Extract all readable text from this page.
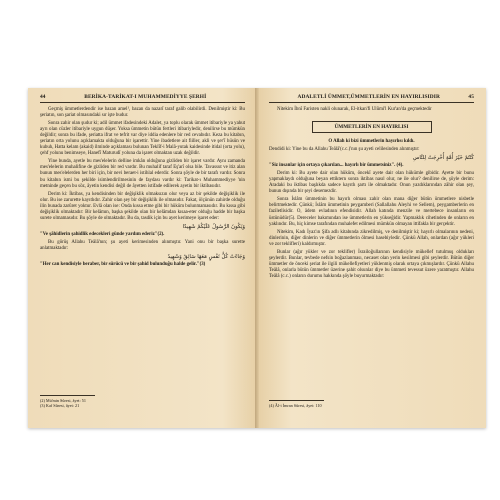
44	BERİKA-TARİKAT-I MUHAMMEDİYYE ŞERHİ

Geçmiş ümmetlerdendir ise bazan amel¹, bazan da nazarî taraf galib olabilirdi. Denilmiştir ki: Bu şeriatın, son şariat olmasındaki sır işte budur.

Sonra zahir olan şudur ki; adil ümmet ifadesindeki Adalet, ya toplu olarak ümmet itibariyle ya yahut ayrı olan cüzler itibariyle uygun düşer. Yoksa ümmetin bütün fertleri itibariyledir, denilirse bu mümkün değildir; sonra bu ifade, şeriatta ifrat ve tefrit var diye iddia edenlere bir red cevabıdır. Keza bu kitabın, şeriatın orta yolunu açıklamakta olduğuna bir işarettir. Yine ibadetlere ait fiiller, akli ve şer'î hüsün ve kubuh, Hatta kelam (akaid) ilminde açıklaması bulunan Teklîf-i Malâ-yutak kaidesinde itidal (orta yolu), çehf yolunu benimseye, Hanefî Maturudî yoluna da işaret olmaktan uzak değildir.

Yine bunda, ayetle bu mes'elelerin delline imkân olduğuna gizliden bir işaret vardır. Aynı zamanda mes'elelerin muhalifine de gizliden bir red vardır. Bu muhalif taraf Eş'arî olsa bile. Tavassut ve itiz alan bunun mes'elelerden her biri için, bir nevi beraet-i istihlal ederdir. Sonra şöyle de bir tarafı vardır. Sonra bu kitabın ismi bu şekilde isimlendirilmesinin de faydası vardır ki: Tarikat-ı Muhammediyye 'nin metninde geçen bu söz, âyetin kendisi değil de âyetten istifade edilerek ayetin bir iktibasıdır.

Derim ki: İktibas, ya kendisinden bir değişiklik olmaksızın olur veya az bir şekilde değişiklik ile olur. Bu ise zarurette kayıtlıdır. Zahir olan şey bir değişiklik ile olmasıdır. Fakat, ölçünün zahirde olduğu ilin bunada zarûret yoktur. Evlâ olan ise: Onda kıssa etme gibi bir hüküm bulunmamasıdır. Bu kıssa gibi değişiklik olmaktadır: Bir kelâmın, başka şekilde olan bir kelâmdan kısaa-eter olduğu hadde bir başka surete olmamasıdır. Bu şöyle de olmaktadır. Bu da, tasdik için bu ayet kerimeye işaret eder:

وَيَكُونَ الرَّسُولُ عَلَيْكُمْ شَهِيدًا

"Ve şâhidlerin şahidlik edecekleri günde yardım ederiz"(2).

Bu görüş Allahu Teâlâ'nın; şu ayeti kerimesinden alınmıştır. Yani onu bir başka surette anlatmaktadır:

وَجَاءَتْ كُلُّ نَفْسٍ مَعَهَا سَائِقٌ وَشَهِيدٌ

"Her can kendisiyle beraber, bir sürücü ve bir şahid bulunduğu halde gelir."(3)

(2) Mü'min Sûresi, âyet: 51

(3) Kaf Sûresi, âyet: 21

ADALETLİ ÜMMET,ÜMMETLERİN EN HAYIRLISIDIR	45

Nitekim İbnî Faristen nakli olunarak, El-itkan'fi Ulûmi'l Kur'an'da geçmektedir

ÜMMETLERİN EN HAYIRLISI

O Allah ki bizi ümmetlerin hayırlısı kıldı.

Dendidi ki: Yine bu da Allahu Teâlâ'(c.c.)'nın şu ayeti celilesinden alınmıştır:

كُنْتُمْ خَيْرَ أُمَّةٍ أُخْرِجَتْ لِلنَّاسِ

"Siz insanlar için ortaya çıkarılan... hayırlı bir ümmetsiniz". (4).

Derim ki: Bu ayete dair olan hüküm, öncekî ayete dair olan hükümle gibidir. Ayette bir bunu yapmaklaydı olduğuna beyan ettiktern sonra iktibas nasıl olur, ne ile olur? denilirse de, şöyle derim: Aradaki bu iktibas başlıkda sadece kayıtlı şartı ile olmaktadır. Onun yazdıklarından zâhir olan şey, bunun dışında bir şeyi desemezdir.

Sonra İslâm ümmetinin bu hayırlı olması zahir olan mana diğer bütün ümmetlere nisbetle belirtmektedir. Çünkü; İslâm ümmetinin peygamberi (Sallallahu Aleyhi ve Sellem), peygamberlerin en faziletlisidir. O, âdem evladının efendisidir. Allah katında menzile ve mertebece insanların en üstünüdür(5). Dereceler bakımından ise ümmetlerin en yükseğidir. Yapmaklık cihetinden de onların en yaklındır. Bu, hiç kimse tarafından muhalefet edilmesi mümkün olmayan ittifakla bir gerçektir.

Nitekim, Kadı İyaz'ın Şifa adlı kitabında zikredilmiş, ve denilmiştir ki; hayırlı olmalarının nedeni, dinlerinin, diğer dinlerin ve diğer ümmetlerin ölmesi hasebiyledir. Çünkü Allah, onlardan (ağır yükleri ve zor teklifleri) kaldırmıştır.

Bunlar (ağır yükler ve zor teklifler) İsrailoğullarının kendisiyle mükellef tutulmuş oldukları şeylerdir. Bunlar, tevbede nefsin boğazlanması, necaset olan yerin kesilmesi gibi şeylerdir. Bütün diğer ümmetler de önceki şeriat ile ilgili mükellefiyetleri yüklenmiş olarak ortaya çıkmışlardır. Çünkü Allahu Teâlâ, onlarla bütün ümmetler üzerine şahit olsunlar diye bu ümmeti tevessut üzere yaratmıştır. Allahu Teâlâ (c.c.) onların durumu hakkında şöyle buyurmaktadır:

(4) Âl-i İmran Sûresi, âyet: 110
